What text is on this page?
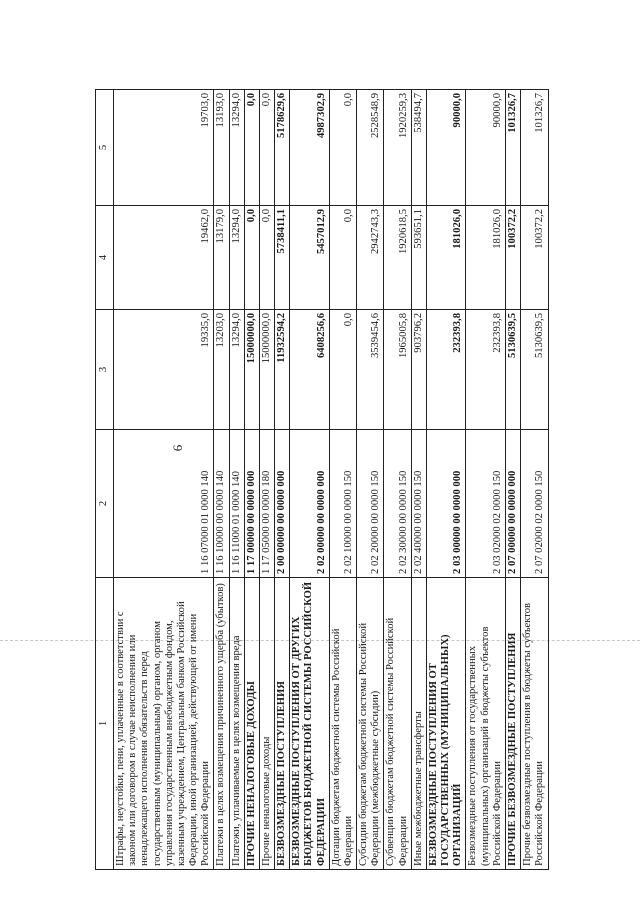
6
1	2	3	4	5
Штрафы, неустойки, пени, уплаченные в соответствии с законом или договором в случае неисполнения или ненадлежащего исполнения обязательств перед государственным (муниципальным) органом, органом управления государственным внебюджетным фондом, казенным учреждением, Центральным банком Российской Федерации, иной организацией, действующей от имени Российской Федерации	1 16 07000 01 0000 140	19335,0	19462,0	19703,0
Платежи в целях возмещения причиненного ущерба (убытков)	1 16 10000 00 0000 140	13203,0	13179,0	13193,0
Платежи, уплачиваемые в целях возмещения вреда	1 16 11000 01 0000 140	13294,0	13294,0	13294,0
ПРОЧИЕ НЕНАЛОГОВЫЕ ДОХОДЫ	1 17 00000 00 0000 000	15000000,0	0,0	0,0
Прочие неналоговые доходы	1 17 05000 00 0000 180	15000000,0	0,0	0,0
БЕЗВОЗМЕЗДНЫЕ ПОСТУПЛЕНИЯ	2 00 00000 00 0000 000	11932594,2	5738411,1	5178629,6
БЕЗВОЗМЕЗДНЫЕ ПОСТУПЛЕНИЯ ОТ ДРУГИХ БЮДЖЕТОВ БЮДЖЕТНОЙ СИСТЕМЫ РОССИЙСКОЙ ФЕДЕРАЦИИ	2 02 00000 00 0000 000	6408256,6	5457012,9	4987302,9
Дотации бюджетам бюджетной системы Российской Федерации	2 02 10000 00 0000 150	0,0	0,0	0,0
Субсидии бюджетам бюджетной системы Российской Федерации (межбюджетные субсидии)	2 02 20000 00 0000 150	3539454,6	2942743,3	2528548,9
Субвенции бюджетам бюджетной системы Российской Федерации	2 02 30000 00 0000 150	1965005,8	1920618,5	1920259,3
Иные межбюджетные трансферты	2 02 40000 00 0000 150	903796,2	593651,1	538494,7
БЕЗВОЗМЕЗДНЫЕ ПОСТУПЛЕНИЯ ОТ ГОСУДАРСТВЕННЫХ (МУНИЦИПАЛЬНЫХ) ОРГАНИЗАЦИЙ	2 03 00000 00 0000 000	232393,8	181026,0	90000,0
Безвозмездные поступления от государственных (муниципальных) организаций в бюджеты субъектов Российской Федерации	2 03 02000 02 0000 150	232393,8	181026,0	90000,0
ПРОЧИЕ БЕЗВОЗМЕЗДНЫЕ ПОСТУПЛЕНИЯ	2 07 00000 00 0000 000	5130639,5	100372,2	101326,7
Прочие безвозмездные поступления в бюджеты субъектов Российской Федерации	2 07 02000 02 0000 150	5130639,5	100372,2	101326,7
